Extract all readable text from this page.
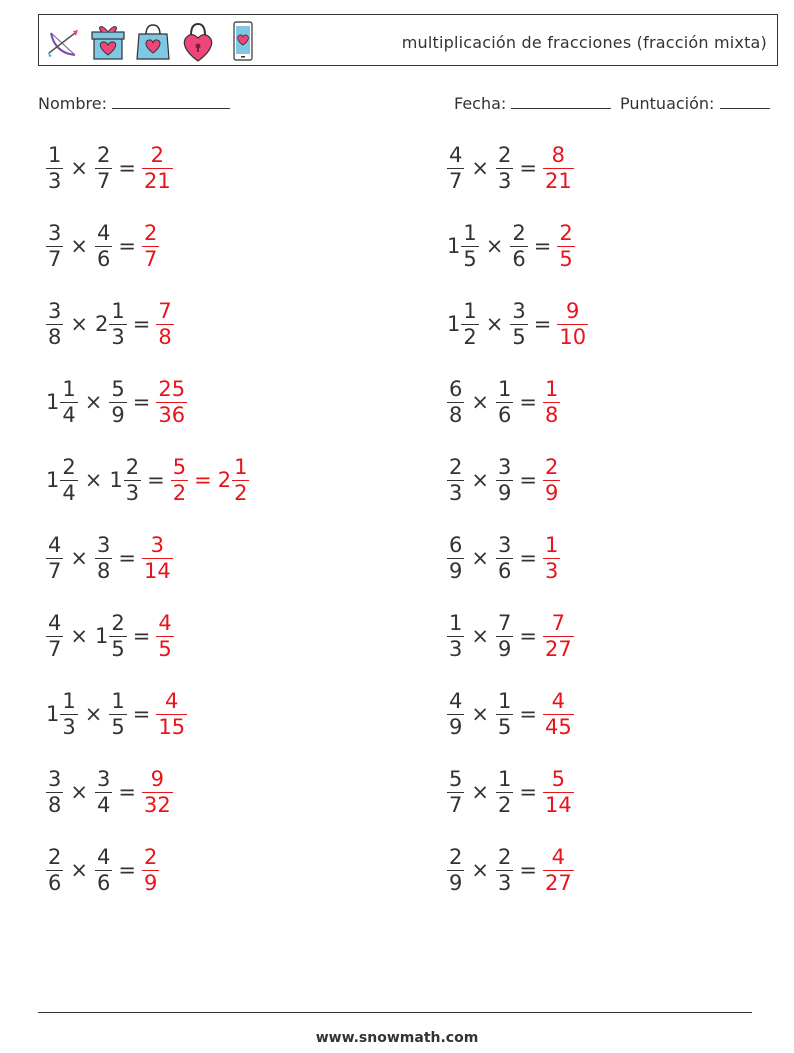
multiplicación de fracciones (fracción mixta)
Nombre:	Fecha:	Puntuación:
$\frac{1}{3} \times \frac{2}{7} = \frac{2}{21}$
$\frac{3}{7} \times \frac{4}{6} = \frac{2}{7}$
$\frac{3}{8} \times 2 \frac{1}{3} = \frac{7}{8}$
$1 \frac{1}{4} \times \frac{5}{9} = \frac{25}{36}$
$1 \frac{2}{4} \times 1 \frac{2}{3} = \frac{5}{2} = 2 \frac{1}{2}$
$\frac{4}{7} \times \frac{3}{8} = \frac{3}{14}$
$\frac{4}{7} \times 1 \frac{2}{5} = \frac{4}{5}$
$1 \frac{1}{3} \times \frac{1}{5} = \frac{4}{15}$
$\frac{3}{8} \times \frac{3}{4} = \frac{9}{32}$
$\frac{2}{6} \times \frac{4}{6} = \frac{2}{9}$
$\frac{4}{7} \times \frac{2}{3} = \frac{8}{21}$
$1 \frac{1}{5} \times \frac{2}{6} = \frac{2}{5}$
$1 \frac{1}{2} \times \frac{3}{5} = \frac{9}{10}$
$\frac{6}{8} \times \frac{1}{6} = \frac{1}{8}$
$\frac{2}{3} \times \frac{3}{9} = \frac{2}{9}$
$\frac{6}{9} \times \frac{3}{6} = \frac{1}{3}$
$\frac{1}{3} \times \frac{7}{9} = \frac{7}{27}$
$\frac{4}{9} \times \frac{1}{5} = \frac{4}{45}$
$\frac{5}{7} \times \frac{1}{2} = \frac{5}{14}$
$\frac{2}{9} \times \frac{2}{3} = \frac{4}{27}$
www.snowmath.com
